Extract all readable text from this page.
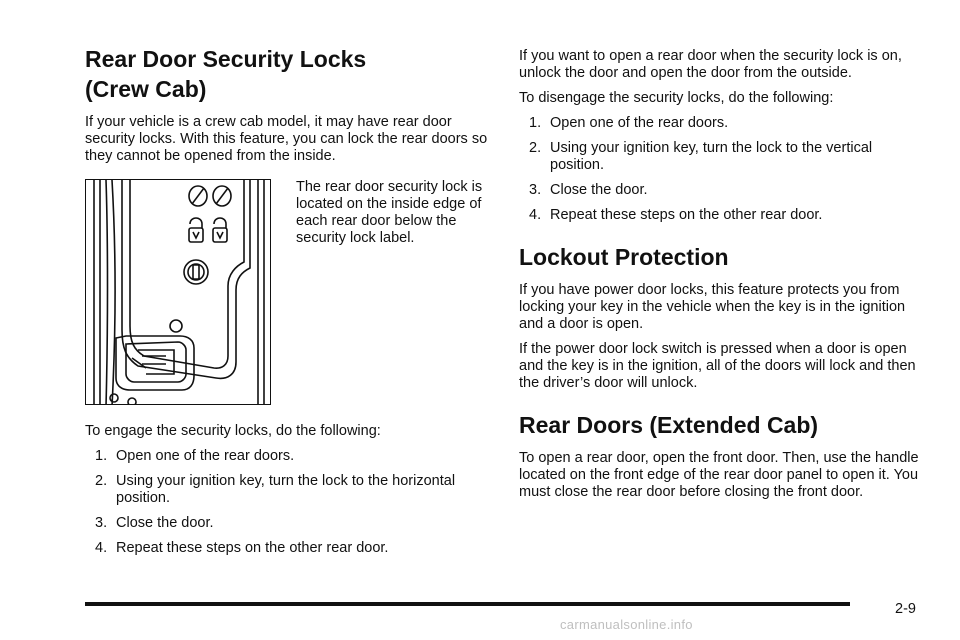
Rear Door Security Locks
(Crew Cab)

If your vehicle is a crew cab model, it may have rear door security locks. With this feature, you can lock the rear doors so they cannot be opened from the inside.

The rear door security lock is located on the inside edge of each rear door below the security lock label.

To engage the security locks, do the following:

1. Open one of the rear doors.
2. Using your ignition key, turn the lock to the horizontal position.
3. Close the door.
4. Repeat these steps on the other rear door.

If you want to open a rear door when the security lock is on, unlock the door and open the door from the outside.

To disengage the security locks, do the following:

1. Open one of the rear doors.
2. Using your ignition key, turn the lock to the vertical position.
3. Close the door.
4. Repeat these steps on the other rear door.
Lockout Protection

If you have power door locks, this feature protects you from locking your key in the vehicle when the key is in the ignition and a door is open.

If the power door lock switch is pressed when a door is open and the key is in the ignition, all of the doors will lock and then the driver’s door will unlock.

Rear Doors (Extended Cab)

To open a rear door, open the front door. Then, use the handle located on the front edge of the rear door panel to open it. You must close the rear door before closing the front door.

2-9
carmanualsonline.info
